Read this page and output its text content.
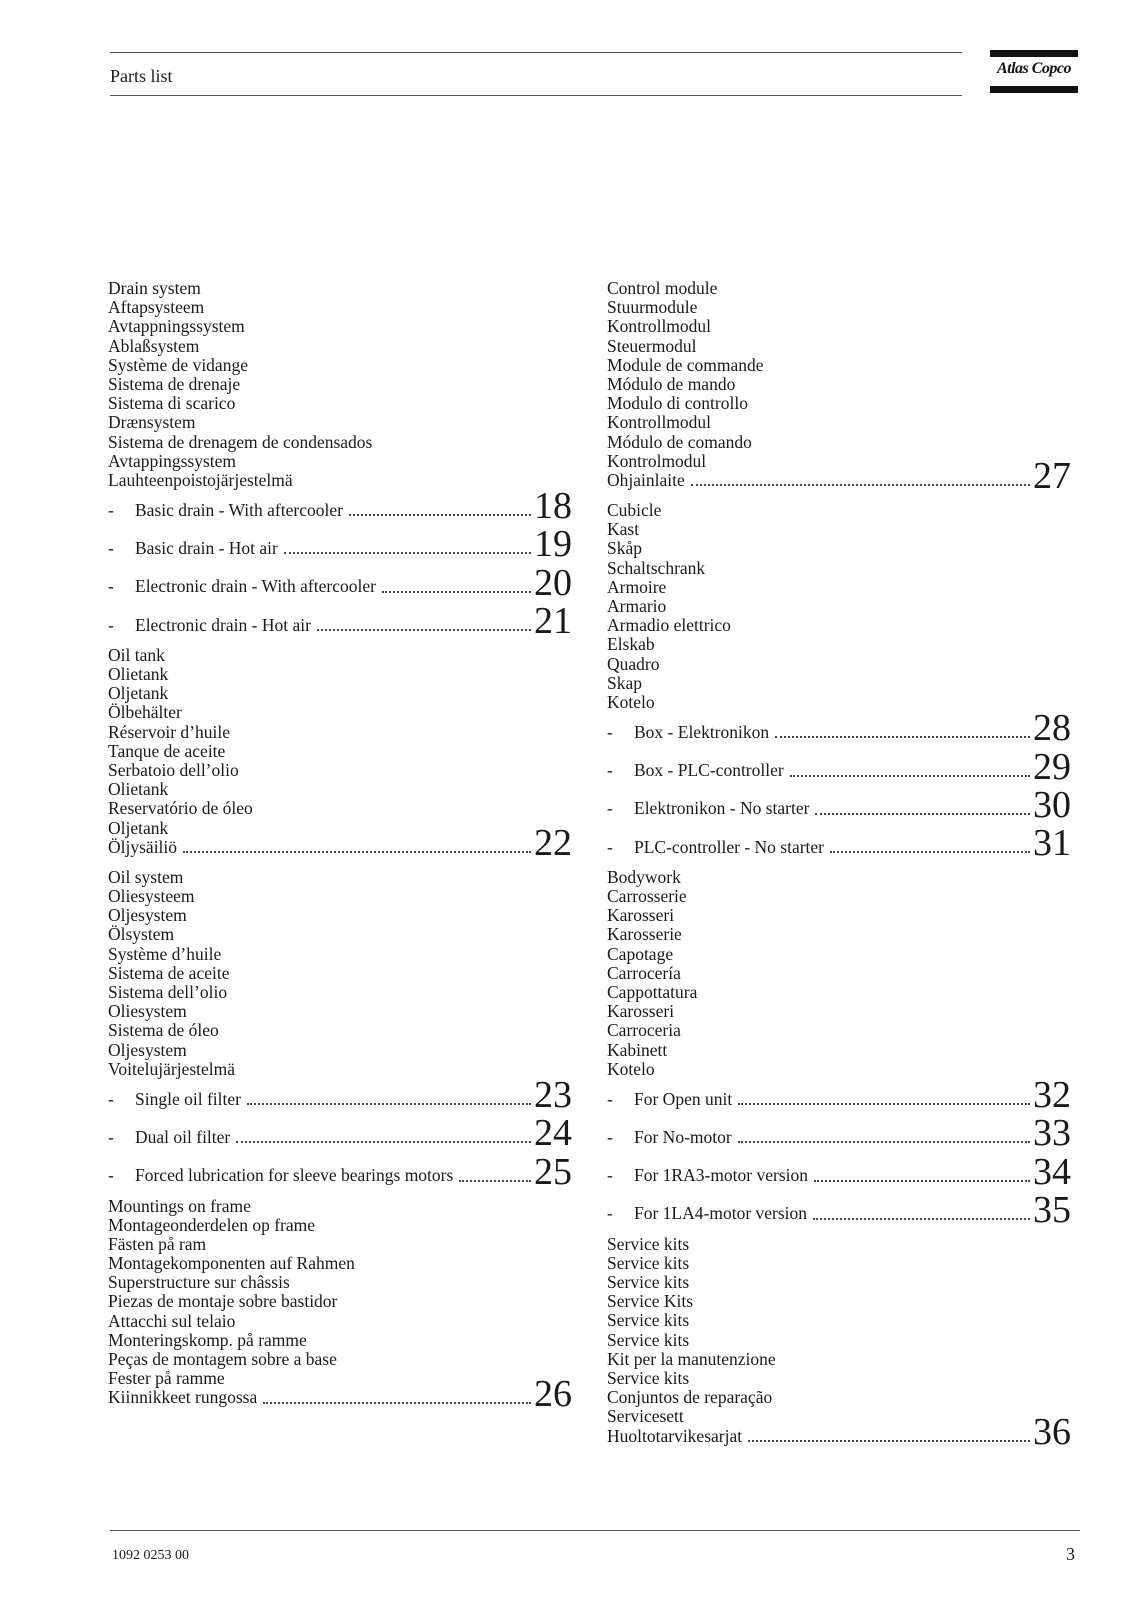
Parts list	Atlas Copco
Drain system
Aftapsysteem
Avtappningssystem
Ablaßsystem
Système de vidange
Sistema de drenaje
Sistema di scarico
Drænsystem
Sistema de drenagem de condensados
Avtappingssystem
Lauhteenpoistojärjestelmä
-	Basic drain - With aftercooler	18
-	Basic drain - Hot air	19
-	Electronic drain - With aftercooler	20
-	Electronic drain - Hot air	21
Oil tank
Olietank
Oljetank
Ölbehälter
Réservoir d’huile
Tanque de aceite
Serbatoio dell’olio
Olietank
Reservatório de óleo
Oljetank
Öljysäiliö	22
Oil system
Oliesysteem
Oljesystem
Ölsystem
Système d’huile
Sistema de aceite
Sistema dell’olio
Oliesystem
Sistema de óleo
Oljesystem
Voitelujärjestelmä
-	Single oil filter	23
-	Dual oil filter	24
-	Forced lubrication for sleeve bearings motors 25
Mountings on frame
Montageonderdelen op frame
Fästen på ram
Montagekomponenten auf Rahmen
Superstructure sur châssis
Piezas de montaje sobre bastidor
Attacchi sul telaio
Monteringskomp. på ramme
Peças de montagem sobre a base
Fester på ramme
Kiinnikkeet rungossa	26
Control module
Stuurmodule
Kontrollmodul
Steuermodul
Module de commande
Módulo de mando
Modulo di controllo
Kontrollmodul
Módulo de comando
Kontrolmodul
Ohjainlaite	27
Cubicle
Kast
Skåp
Schaltschrank
Armoire
Armario
Armadio elettrico
Elskab
Quadro
Skap
Kotelo
-	Box - Elektronikon	28
-	Box - PLC-controller	29
-	Elektronikon - No starter	30
-	PLC-controller - No starter	31
Bodywork
Carrosserie
Karosseri
Karosserie
Capotage
Carrocería
Cappottatura
Karosseri
Carroceria
Kabinett
Kotelo
-	For Open unit	32
-	For No-motor	33
-	For 1RA3-motor version	34
-	For 1LA4-motor version	35
Service kits
Service kits
Service kits
Service Kits
Service kits
Service kits
Kit per la manutenzione
Service kits
Conjuntos de reparação
Servicesett
Huoltotarvikesarjat	36
1092 0253 00	3
